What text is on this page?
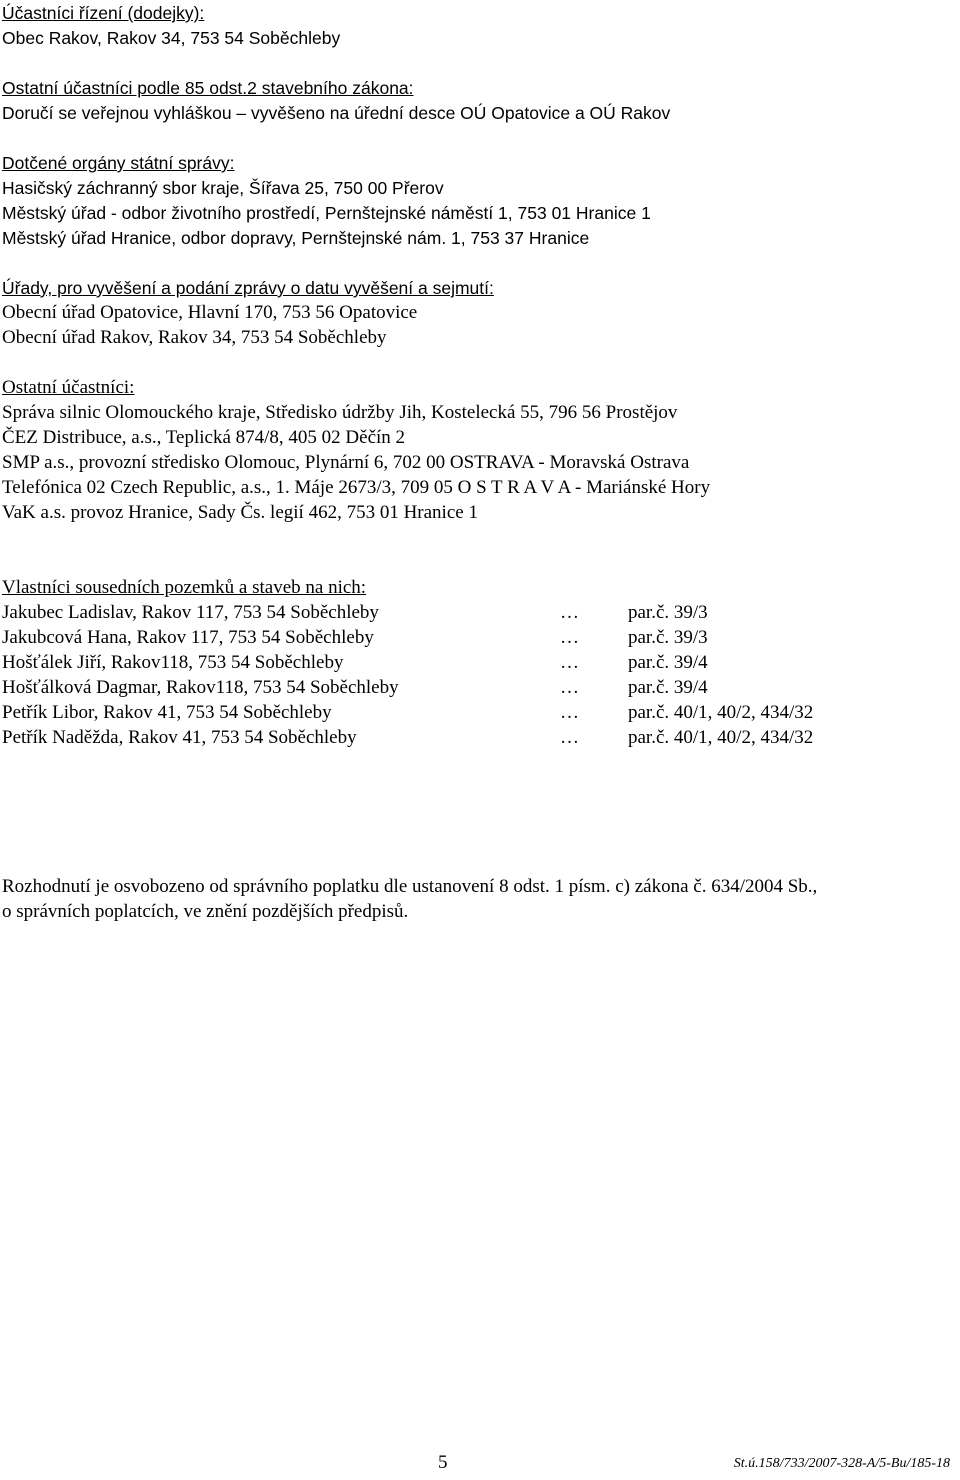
Účastníci řízení (dodejky):
Obec Rakov, Rakov 34, 753 54 Soběchleby
Ostatní účastníci podle 85 odst.2 stavebního zákona:
Doručí se veřejnou vyhláškou – vyvěšeno na úřední desce OÚ Opatovice a OÚ Rakov
Dotčené orgány státní správy:
Hasičský záchranný sbor kraje, Šířava 25, 750 00 Přerov
Městský úřad - odbor životního prostředí, Pernštejnské náměstí 1, 753 01 Hranice 1
Městský úřad Hranice, odbor dopravy, Pernštejnské nám. 1, 753 37 Hranice
Úřady, pro vyvěšení a podání zprávy o datu vyvěšení a sejmutí:
Obecní úřad Opatovice, Hlavní 170, 753 56 Opatovice
Obecní úřad Rakov, Rakov 34, 753 54 Soběchleby
Ostatní účastníci:
Správa silnic Olomouckého kraje, Středisko údržby Jih, Kostelecká 55, 796 56 Prostějov
ČEZ Distribuce, a.s., Teplická 874/8, 405 02 Děčín 2
SMP a.s., provozní středisko Olomouc, Plynární 6, 702 00 OSTRAVA - Moravská Ostrava
Telefónica 02 Czech Republic, a.s., 1. Máje 2673/3, 709 05 O S T R A V A - Mariánské Hory
VaK a.s. provoz Hranice, Sady Čs. legií 462, 753 01 Hranice 1
Vlastníci sousedních pozemků a staveb na nich:
Jakubec Ladislav, Rakov 117, 753 54 Soběchleby	…	par.č. 39/3
Jakubcová Hana, Rakov 117, 753 54 Soběchleby	…	par.č. 39/3
Hošťálek Jiří, Rakov118, 753 54 Soběchleby	…	par.č. 39/4
Hošťálková Dagmar, Rakov118, 753 54 Soběchleby	…	par.č. 39/4
Petřík Libor, Rakov 41, 753 54 Soběchleby	…	par.č. 40/1, 40/2, 434/32
Petřík Naděžda, Rakov 41, 753 54 Soběchleby	…	par.č. 40/1, 40/2, 434/32
Rozhodnutí je osvobozeno od správního poplatku dle ustanovení 8 odst. 1 písm. c) zákona č. 634/2004 Sb.,
o správních poplatcích, ve znění pozdějších předpisů.
5	St.ú.158/733/2007-328-A/5-Bu/185-18
